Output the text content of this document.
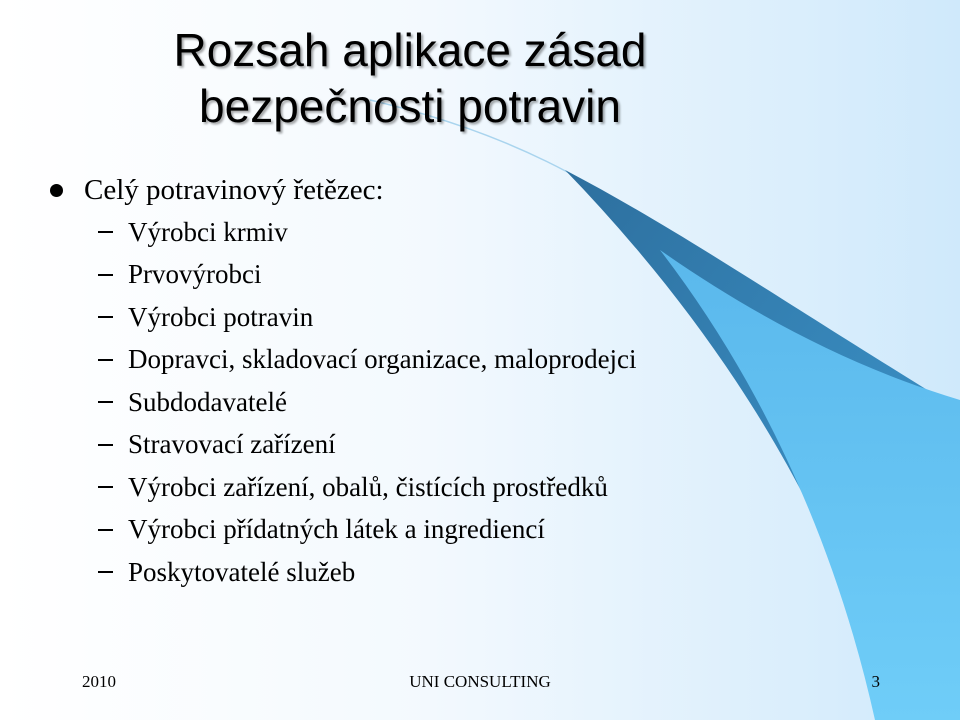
Rozsah aplikace zásad
bezpečnosti potravin
Celý potravinový řetězec:
Výrobci krmiv
Prvovýrobci
Výrobci potravin
Dopravci, skladovací organizace, maloprodejci
Subdodavatelé
Stravovací zařízení
Výrobci zařízení, obalů, čistících prostředků
Výrobci přídatných látek a ingrediencí
Poskytovatelé služeb
2010	UNI CONSULTING	3
